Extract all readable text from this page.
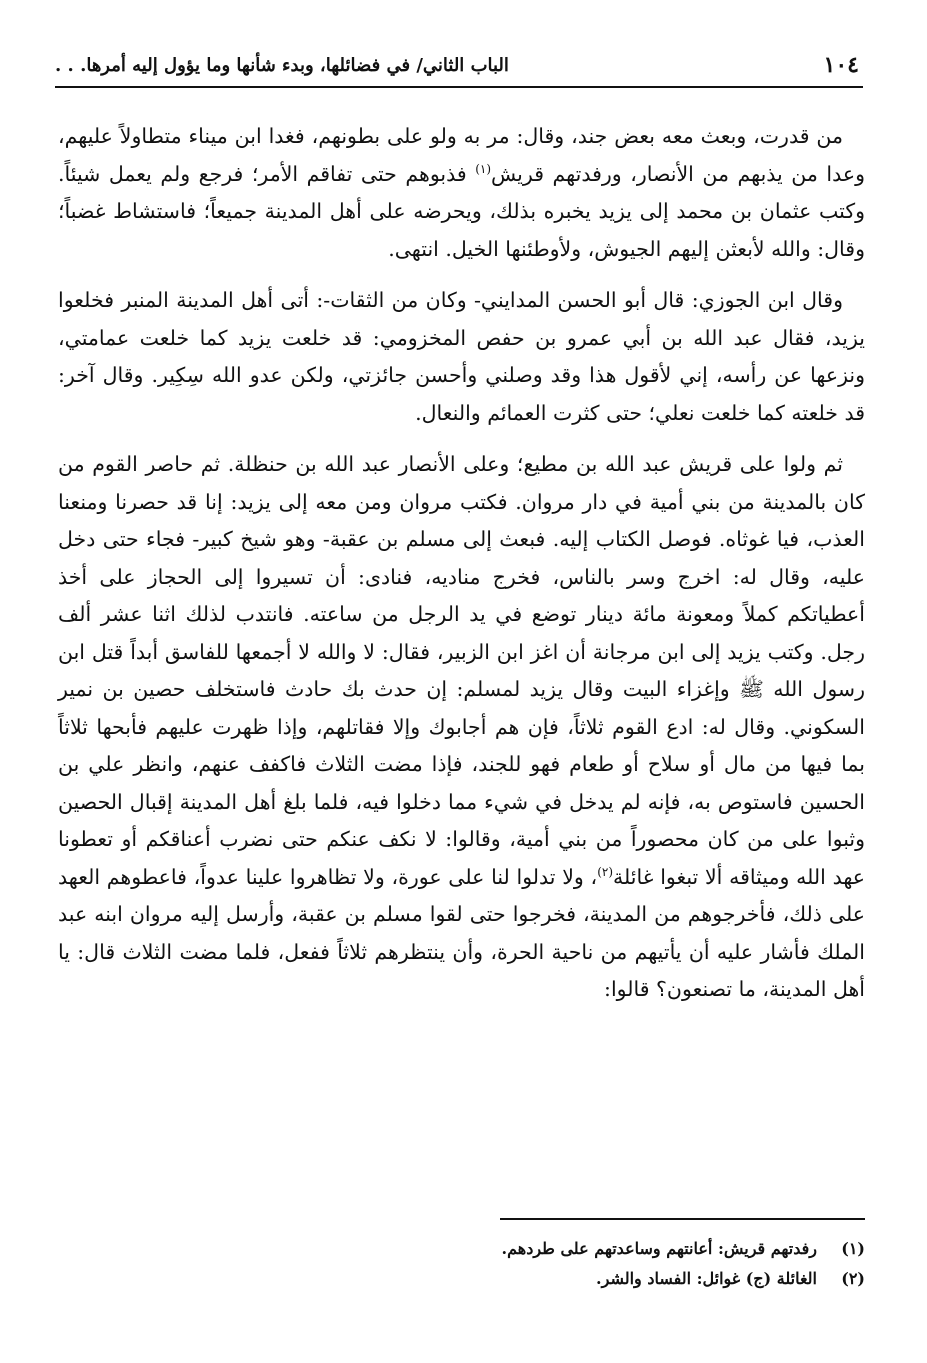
١٠٤
الباب الثاني/ في فضائلها، وبدء شأنها وما يؤول إليه أمرها. . .

من قدرت، وبعث معه بعض جند، وقال: مر به ولو على بطونهم، فغدا ابن ميناء متطاولاً عليهم، وعدا من يذبهم من الأنصار، ورفدتهم قريش$^{(١)}$ فذبوهم حتى تفاقم الأمر؛ فرجع ولم يعمل شيئاً. وكتب عثمان بن محمد إلى يزيد يخبره بذلك، ويحرضه على أهل المدينة جميعاً؛ فاستشاط غضباً؛ وقال: والله لأبعثن إليهم الجيوش، ولأوطئنها الخيل. انتهى.

وقال ابن الجوزي: قال أبو الحسن المدايني- وكان من الثقات-: أتى أهل المدينة المنبر فخلعوا يزيد، فقال عبد الله بن أبي عمرو بن حفص المخزومي: قد خلعت يزيد كما خلعت عمامتي، ونزعها عن رأسه، إني لأقول هذا وقد وصلني وأحسن جائزتي، ولكن عدو الله سِكِير. وقال آخر: قد خلعته كما خلعت نعلي؛ حتى كثرت العمائم والنعال.

ثم ولوا على قريش عبد الله بن مطيع؛ وعلى الأنصار عبد الله بن حنظلة. ثم حاصر القوم من كان بالمدينة من بني أمية في دار مروان. فكتب مروان ومن معه إلى يزيد: إنا قد حصرنا ومنعنا العذب، فيا غوثاه. فوصل الكتاب إليه. فبعث إلى مسلم بن عقبة- وهو شيخ كبير- فجاء حتى دخل عليه، وقال له: اخرج وسر بالناس، فخرج مناديه، فنادى: أن تسيروا إلى الحجاز على أخذ أعطياتكم كملاً ومعونة مائة دينار توضع في يد الرجل من ساعته. فانتدب لذلك اثنا عشر ألف رجل. وكتب يزيد إلى ابن مرجانة أن اغز ابن الزبير، فقال: لا والله لا أجمعها للفاسق أبداً قتل ابن رسول الله ﷺ وإغزاء البيت وقال يزيد لمسلم: إن حدث بك حادث فاستخلف حصين بن نمير السكوني. وقال له: ادع القوم ثلاثاً، فإن هم أجابوك وإلا فقاتلهم، وإذا ظهرت عليهم فأبحها ثلاثاً بما فيها من مال أو سلاح أو طعام فهو للجند، فإذا مضت الثلاث فاكفف عنهم، وانظر علي بن الحسين فاستوص به، فإنه لم يدخل في شيء مما دخلوا فيه، فلما بلغ أهل المدينة إقبال الحصين وثبوا على من كان محصوراً من بني أمية، وقالوا: لا نكف عنكم حتى نضرب أعناقكم أو تعطونا عهد الله وميثاقه ألا تبغوا غائلة$^{(٢)}$، ولا تدلوا لنا على عورة، ولا تظاهروا علينا عدواً، فاعطوهم العهد على ذلك، فأخرجوهم من المدينة، فخرجوا حتى لقوا مسلم بن عقبة، وأرسل إليه مروان ابنه عبد الملك فأشار عليه أن يأتيهم من ناحية الحرة، وأن ينتظرهم ثلاثاً ففعل، فلما مضت الثلاث قال: يا أهل المدينة، ما تصنعون؟ قالوا:

(١)
رفدتهم قريش: أعانتهم وساعدتهم على طردهم.
(٢)
الغائلة (ج) غوائل: الفساد والشر.
